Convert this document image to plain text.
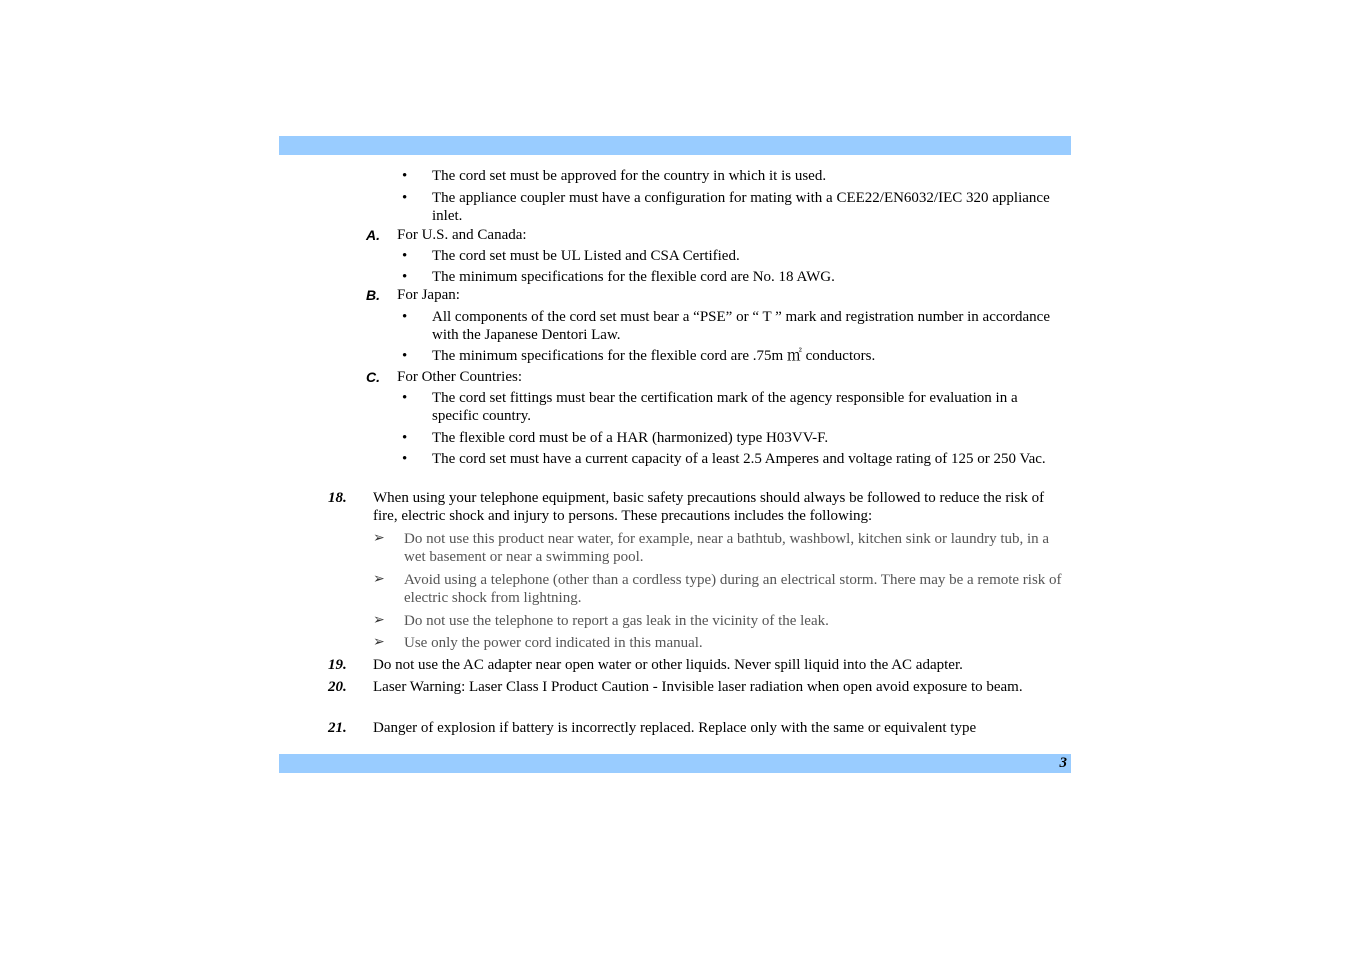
• The cord set must be approved for the country in which it is used.
• The appliance coupler must have a configuration for mating with a CEE22/EN6032/IEC 320 appliance inlet.
A. For U.S. and Canada:
• The cord set must be UL Listed and CSA Certified.
• The minimum specifications for the flexible cord are No. 18 AWG.
B. For Japan:
• All components of the cord set must bear a “PSE” or “ T ” mark and registration number in accordance with the Japanese Dentori Law.
• The minimum specifications for the flexible cord are .75m ㎡ conductors.
C. For Other Countries:
• The cord set fittings must bear the certification mark of the agency responsible for evaluation in a specific country.
• The flexible cord must be of a HAR (harmonized) type H03VV-F.
• The cord set must have a current capacity of a least 2.5 Amperes and voltage rating of 125 or 250 Vac.
18. When using your telephone equipment, basic safety precautions should always be followed to reduce the risk of fire, electric shock and injury to persons. These precautions includes the following:
➢ Do not use this product near water, for example, near a bathtub, washbowl, kitchen sink or laundry tub, in a wet basement or near a swimming pool.
➢ Avoid using a telephone (other than a cordless type) during an electrical storm. There may be a remote risk of electric shock from lightning.
➢ Do not use the telephone to report a gas leak in the vicinity of the leak.
➢ Use only the power cord indicated in this manual.
19. Do not use the AC adapter near open water or other liquids. Never spill liquid into the AC adapter.
20. Laser Warning: Laser Class I Product Caution - Invisible laser radiation when open avoid exposure to beam.
21. Danger of explosion if battery is incorrectly replaced. Replace only with the same or equivalent type
3
